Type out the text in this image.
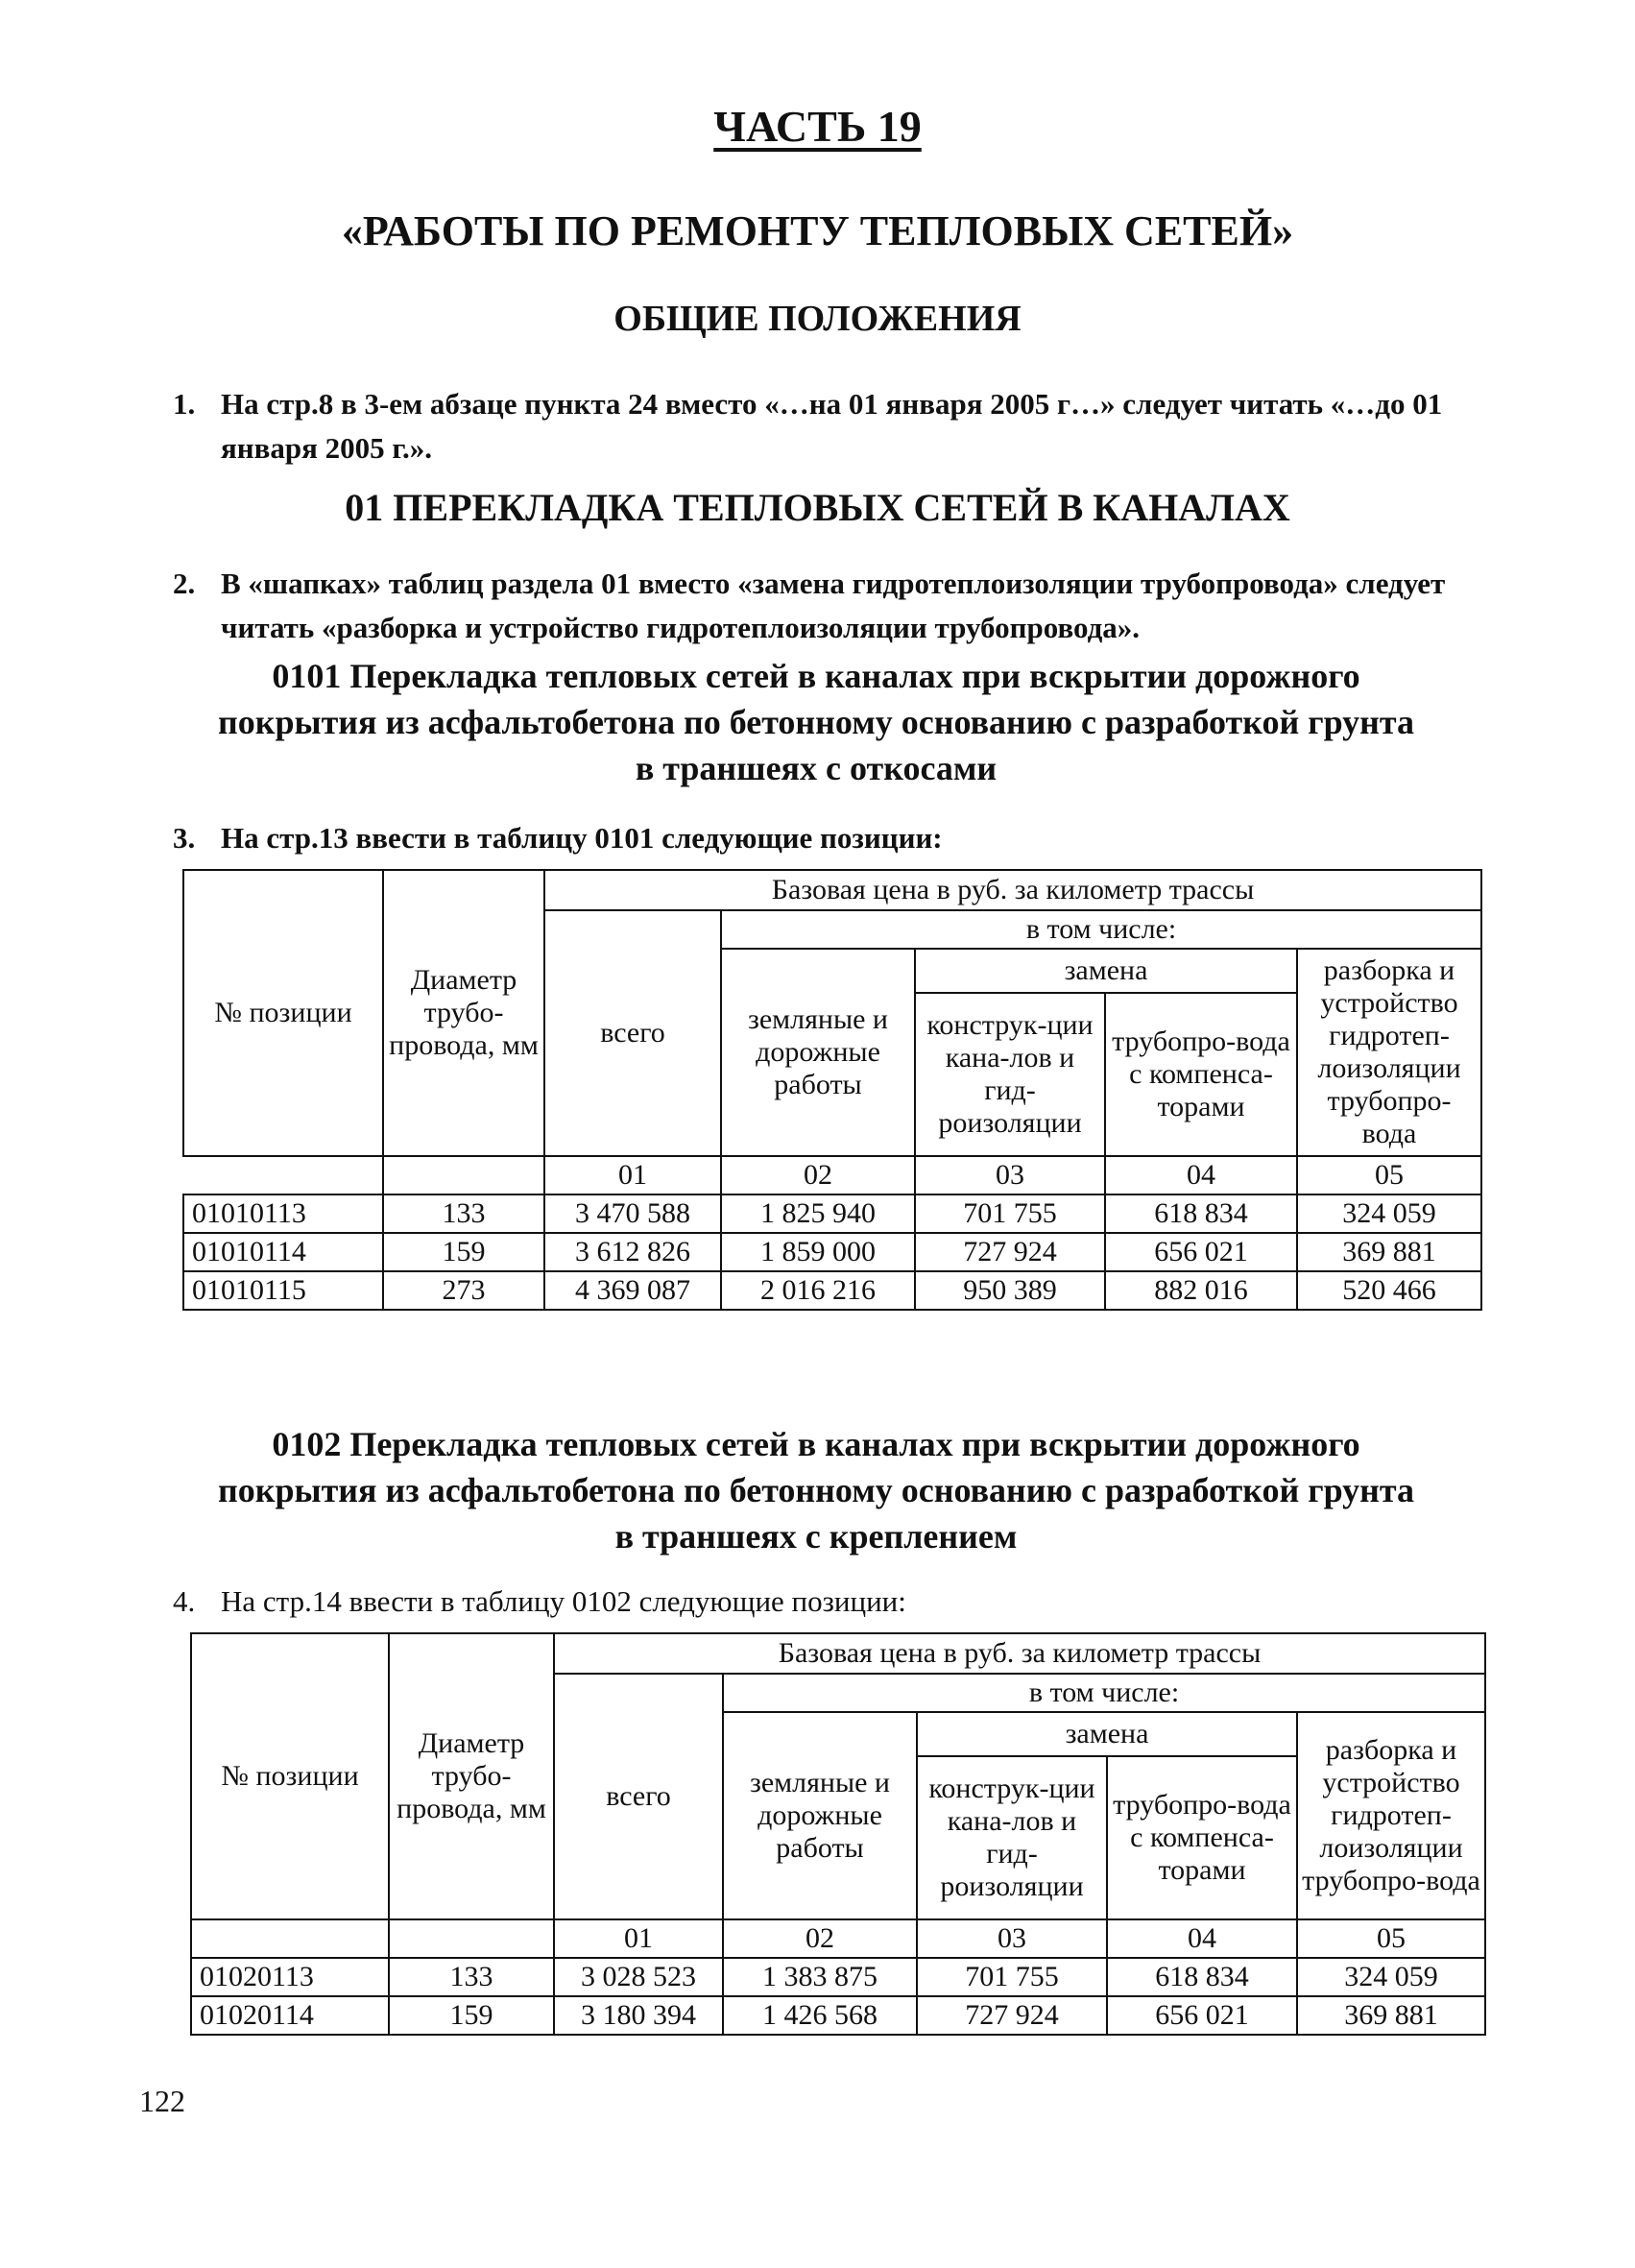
ЧАСТЬ 19
«РАБОТЫ ПО РЕМОНТУ ТЕПЛОВЫХ СЕТЕЙ»
ОБЩИЕ ПОЛОЖЕНИЯ
1. На стр.8 в 3-ем абзаце пункта 24 вместо «…на 01 января 2005 г…» следует читать «…до 01 января 2005 г.».
01 ПЕРЕКЛАДКА ТЕПЛОВЫХ СЕТЕЙ В КАНАЛАХ
2. В «шапках» таблиц раздела 01 вместо «замена гидротеплоизоляции трубопровода» следует читать «разборка и устройство гидротеплоизоляции трубопровода».
0101 Перекладка тепловых сетей в каналах при вскрытии дорожного
покрытия из асфальтобетона по бетонному основанию с разработкой грунта
в траншеях с откосами
3. На стр.13 ввести в таблицу 0101 следующие позиции:
№ позиции	Диаметр трубо-провода, мм	Базовая цена в руб. за километр трассы				
		всего	в том числе:			
			земляные и дорожные работы	замена		разборка и устройство гидротеп-лоизоляции трубопро-вода
				конструк-ции кана-лов и гид-роизоляции	трубопро-вода с компенса-торами	
		01	02	03	04	05
01010113	133	3 470 588	1 825 940	701 755	618 834	324 059
01010114	159	3 612 826	1 859 000	727 924	656 021	369 881
01010115	273	4 369 087	2 016 216	950 389	882 016	520 466
0102 Перекладка тепловых сетей в каналах при вскрытии дорожного
покрытия из асфальтобетона по бетонному основанию с разработкой грунта
в траншеях с креплением
4. На стр.14 ввести в таблицу 0102 следующие позиции:
№ позиции	Диаметр трубо-провода, мм	Базовая цена в руб. за километр трассы				
		всего	в том числе:			
			земляные и дорожные работы	замена		разборка и устройство гидротеп-лоизоляции трубопро-вода
				конструк-ции кана-лов и гид-роизоляции	трубопро-вода с компенса-торами	
		01	02	03	04	05
01020113	133	3 028 523	1 383 875	701 755	618 834	324 059
01020114	159	3 180 394	1 426 568	727 924	656 021	369 881
122
